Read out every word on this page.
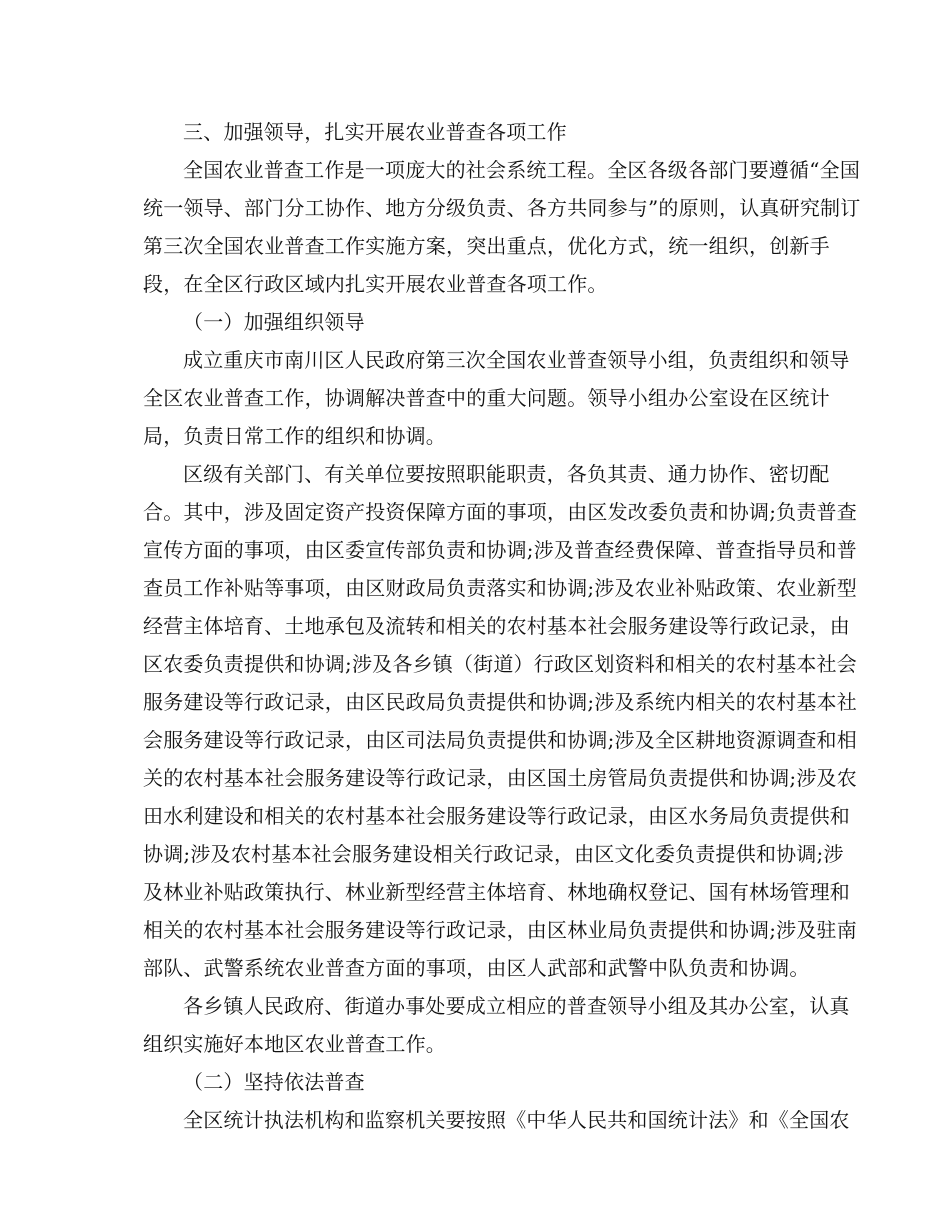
三、加强领导，扎实开展农业普查各项工作

全国农业普查工作是一项庞大的社会系统工程。全区各级各部门要遵循“全国

统一领导、部门分工协作、地方分级负责、各方共同参与”的原则，认真研究制订

第三次全国农业普查工作实施方案，突出重点，优化方式，统一组织，创新手

段，在全区行政区域内扎实开展农业普查各项工作。

（一）加强组织领导

成立重庆市南川区人民政府第三次全国农业普查领导小组，负责组织和领导

全区农业普查工作，协调解决普查中的重大问题。领导小组办公室设在区统计

局，负责日常工作的组织和协调。

区级有关部门、有关单位要按照职能职责，各负其责、通力协作、密切配

合。其中，涉及固定资产投资保障方面的事项，由区发改委负责和协调;负责普查

宣传方面的事项，由区委宣传部负责和协调;涉及普查经费保障、普查指导员和普

查员工作补贴等事项，由区财政局负责落实和协调;涉及农业补贴政策、农业新型

经营主体培育、土地承包及流转和相关的农村基本社会服务建设等行政记录，由

区农委负责提供和协调;涉及各乡镇（街道）行政区划资料和相关的农村基本社会

服务建设等行政记录，由区民政局负责提供和协调;涉及系统内相关的农村基本社

会服务建设等行政记录，由区司法局负责提供和协调;涉及全区耕地资源调查和相

关的农村基本社会服务建设等行政记录，由区国土房管局负责提供和协调;涉及农

田水利建设和相关的农村基本社会服务建设等行政记录，由区水务局负责提供和

协调;涉及农村基本社会服务建设相关行政记录，由区文化委负责提供和协调;涉

及林业补贴政策执行、林业新型经营主体培育、林地确权登记、国有林场管理和

相关的农村基本社会服务建设等行政记录，由区林业局负责提供和协调;涉及驻南

部队、武警系统农业普查方面的事项，由区人武部和武警中队负责和协调。

各乡镇人民政府、街道办事处要成立相应的普查领导小组及其办公室，认真

组织实施好本地区农业普查工作。

（二）坚持依法普查

全区统计执法机构和监察机关要按照《中华人民共和国统计法》和《全国农
